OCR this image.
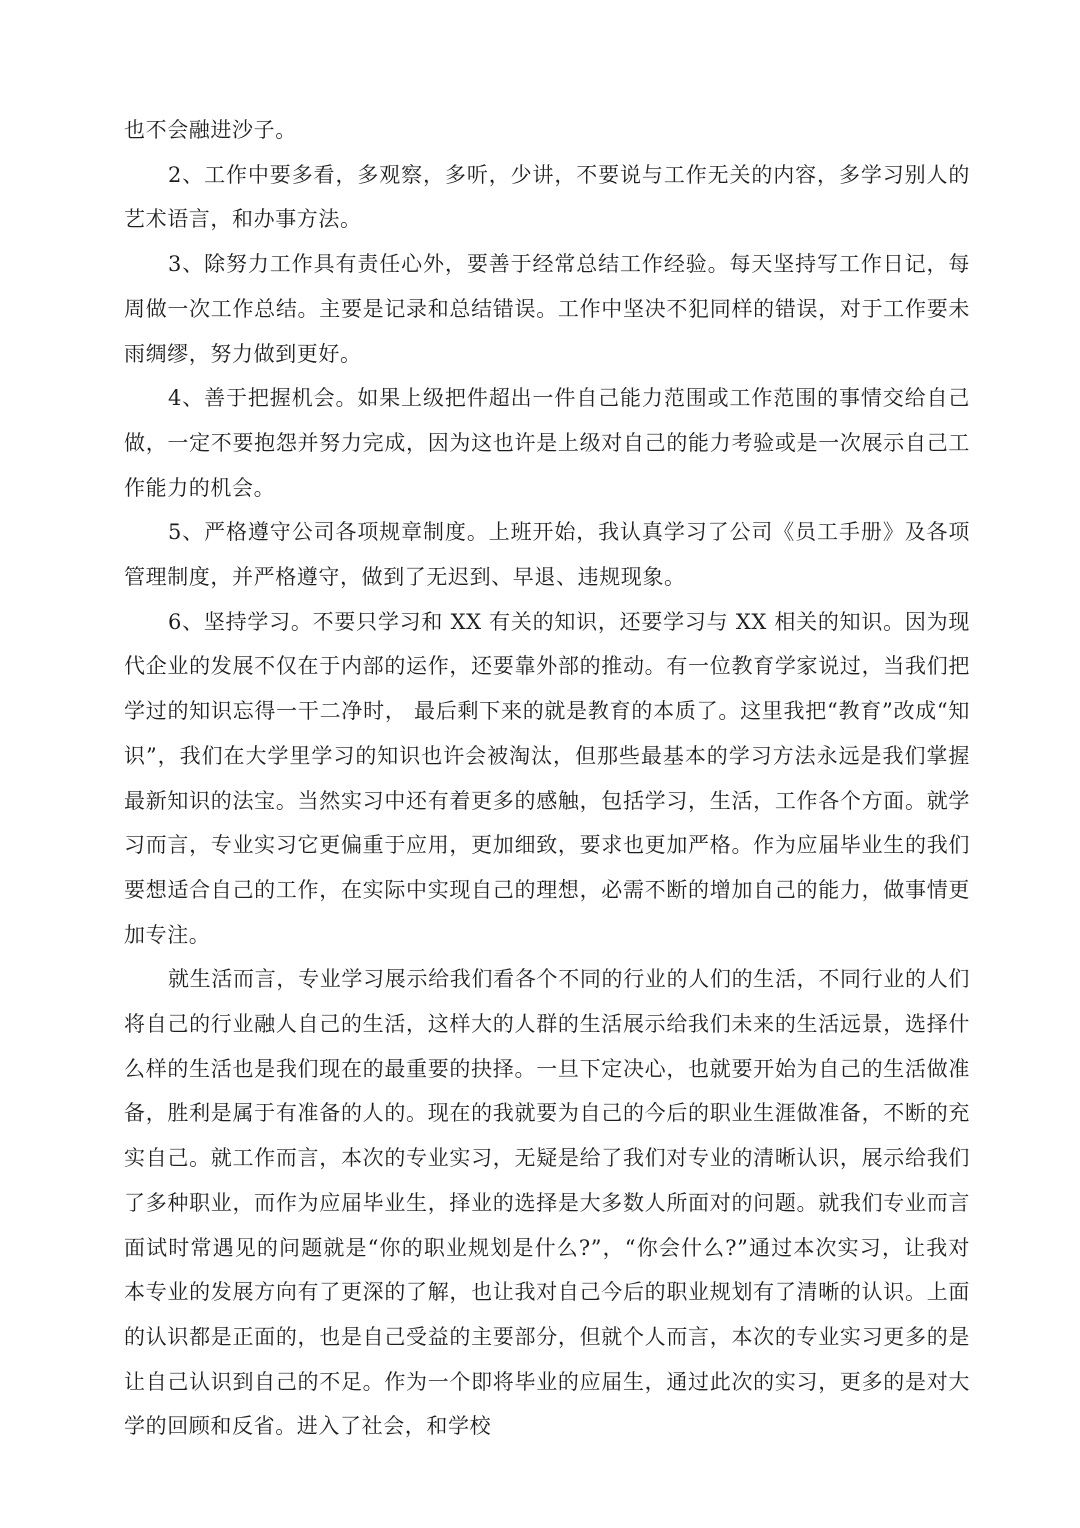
也不会融进沙子。

2、工作中要多看，多观察，多听，少讲，不要说与工作无关的内容，多学习别人的艺术语言，和办事方法。

3、除努力工作具有责任心外，要善于经常总结工作经验。每天坚持写工作日记，每周做一次工作总结。主要是记录和总结错误。工作中坚决不犯同样的错误，对于工作要未雨绸缪，努力做到更好。

4、善于把握机会。如果上级把件超出一件自己能力范围或工作范围的事情交给自己做，一定不要抱怨并努力完成，因为这也许是上级对自己的能力考验或是一次展示自己工作能力的机会。

5、严格遵守公司各项规章制度。上班开始，我认真学习了公司《员工手册》及各项管理制度，并严格遵守，做到了无迟到、早退、违规现象。

6、坚持学习。不要只学习和 XX 有关的知识，还要学习与 XX 相关的知识。因为现代企业的发展不仅在于内部的运作，还要靠外部的推动。有一位教育学家说过，当我们把学过的知识忘得一干二净时， 最后剩下来的就是教育的本质了。这里我把“教育”改成“知识”，我们在大学里学习的知识也许会被淘汰，但那些最基本的学习方法永远是我们掌握最新知识的法宝。当然实习中还有着更多的感触，包括学习，生活，工作各个方面。就学习而言，专业实习它更偏重于应用，更加细致，要求也更加严格。作为应届毕业生的我们要想适合自己的工作，在实际中实现自己的理想，必需不断的增加自己的能力，做事情更加专注。

就生活而言，专业学习展示给我们看各个不同的行业的人们的生活，不同行业的人们将自己的行业融人自己的生活，这样大的人群的生活展示给我们未来的生活远景，选择什么样的生活也是我们现在的最重要的抉择。一旦下定决心，也就要开始为自己的生活做准备，胜利是属于有准备的人的。现在的我就要为自己的今后的职业生涯做准备，不断的充实自己。就工作而言，本次的专业实习，无疑是给了我们对专业的清晰认识，展示给我们了多种职业，而作为应届毕业生，择业的选择是大多数人所面对的问题。就我们专业而言面试时常遇见的问题就是“你的职业规划是什么?”，“你会什么?”通过本次实习，让我对本专业的发展方向有了更深的了解，也让我对自己今后的职业规划有了清晰的认识。上面的认识都是正面的，也是自己受益的主要部分，但就个人而言，本次的专业实习更多的是让自己认识到自己的不足。作为一个即将毕业的应届生，通过此次的实习，更多的是对大学的回顾和反省。进入了社会，和学校
